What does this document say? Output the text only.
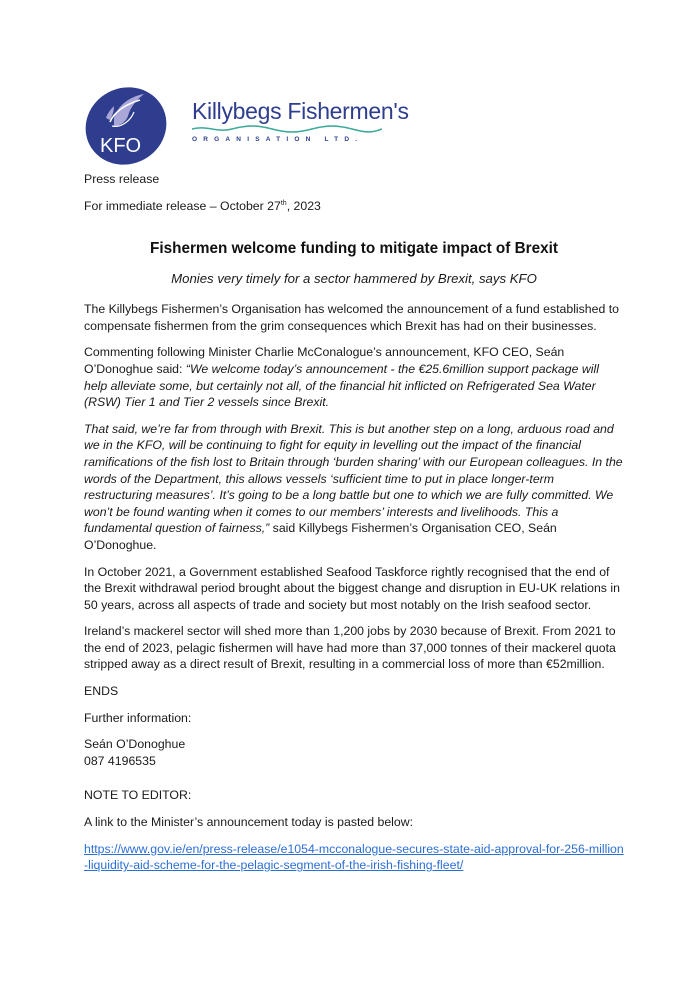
KFO
Killybegs Fishermen's
ORGANISATION LTD.

Press release

For immediate release – October 27th, 2023

Fishermen welcome funding to mitigate impact of Brexit

Monies very timely for a sector hammered by Brexit, says KFO

The Killybegs Fishermen’s Organisation has welcomed the announcement of a fund established to compensate fishermen from the grim consequences which Brexit has had on their businesses.

Commenting following Minister Charlie McConalogue’s announcement, KFO CEO, Seán O’Donoghue said: “We welcome today’s announcement - the €25.6million support package will help alleviate some, but certainly not all, of the financial hit inflicted on Refrigerated Sea Water (RSW) Tier 1 and Tier 2 vessels since Brexit.

That said, we’re far from through with Brexit. This is but another step on a long, arduous road and we in the KFO, will be continuing to fight for equity in levelling out the impact of the financial ramifications of the fish lost to Britain through ‘burden sharing’ with our European colleagues. In the words of the Department, this allows vessels ‘sufficient time to put in place longer-term restructuring measures’. It’s going to be a long battle but one to which we are fully committed. We won’t be found wanting when it comes to our members’ interests and livelihoods. This a fundamental question of fairness,” said Killybegs Fishermen’s Organisation CEO, Seán O’Donoghue.

In October 2021, a Government established Seafood Taskforce rightly recognised that the end of the Brexit withdrawal period brought about the biggest change and disruption in EU-UK relations in 50 years, across all aspects of trade and society but most notably on the Irish seafood sector.

Ireland’s mackerel sector will shed more than 1,200 jobs by 2030 because of Brexit. From 2021 to the end of 2023, pelagic fishermen will have had more than 37,000 tonnes of their mackerel quota stripped away as a direct result of Brexit, resulting in a commercial loss of more than €52million.

ENDS

Further information:

Seán O’Donoghue

087 4196535

NOTE TO EDITOR:

A link to the Minister’s announcement today is pasted below:

https://www.gov.ie/en/press-release/e1054-mcconalogue-secures-state-aid-approval-for-256-million-liquidity-aid-scheme-for-the-pelagic-segment-of-the-irish-fishing-fleet/
